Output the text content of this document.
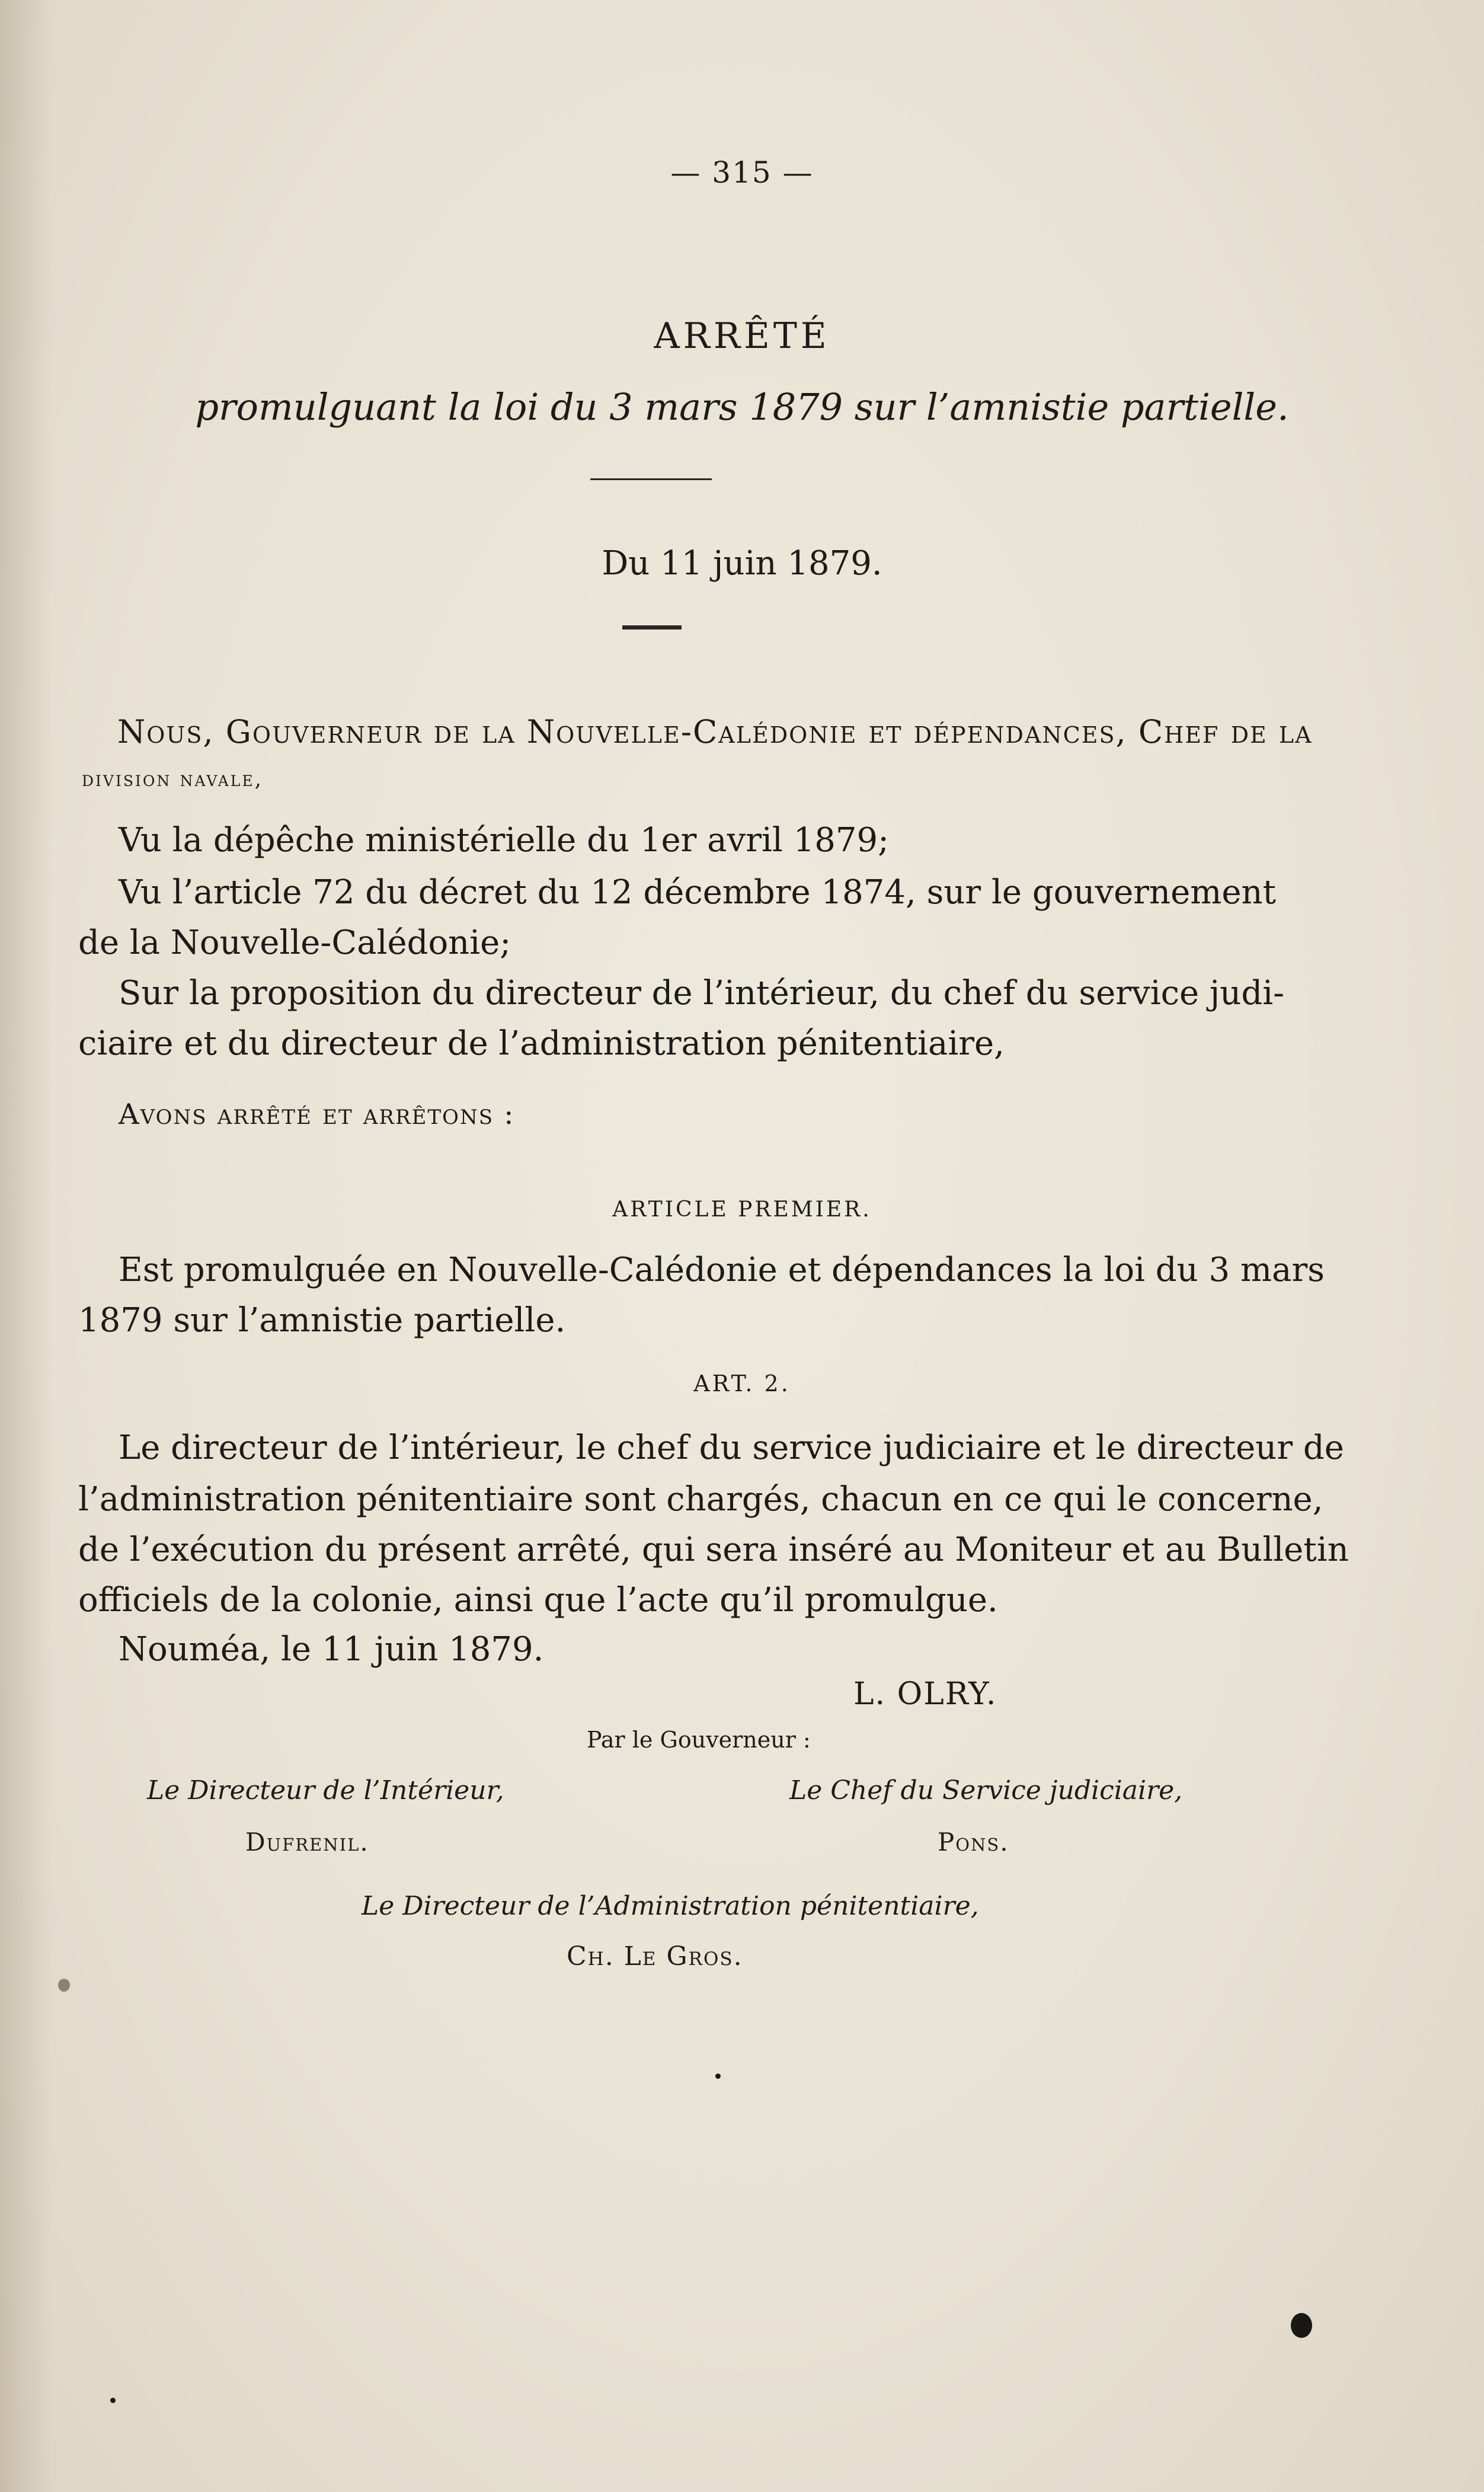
— 315 —
ARRÊTÉ
promulguant la loi du 3 mars 1879 sur l’amnistie partielle.
Du 11 juin 1879.
Nous, Gouverneur de la Nouvelle-Calédonie et dépendances, Chef de la
division navale,
Vu la dépêche ministérielle du 1er avril 1879;
Vu l’article 72 du décret du 12 décembre 1874, sur le gouvernement
de la Nouvelle-Calédonie;
Sur la proposition du directeur de l’intérieur, du chef du service judi-
ciaire et du directeur de l’administration pénitentiaire,
Avons arrêté et arrêtons :
ARTICLE PREMIER.
Est promulguée en Nouvelle-Calédonie et dépendances la loi du 3 mars
1879 sur l’amnistie partielle.
ART. 2.
Le directeur de l’intérieur, le chef du service judiciaire et le directeur de
l’administration pénitentiaire sont chargés, chacun en ce qui le concerne,
de l’exécution du présent arrêté, qui sera inséré au Moniteur et au Bulletin
officiels de la colonie, ainsi que l’acte qu’il promulgue.
Nouméa, le 11 juin 1879.
L. OLRY.
Par le Gouverneur :
Le Directeur de l’Intérieur,	Le Chef du Service judiciaire,
Dufrenil.	Pons.
Le Directeur de l’Administration pénitentiaire,
Ch. Le Gros.
